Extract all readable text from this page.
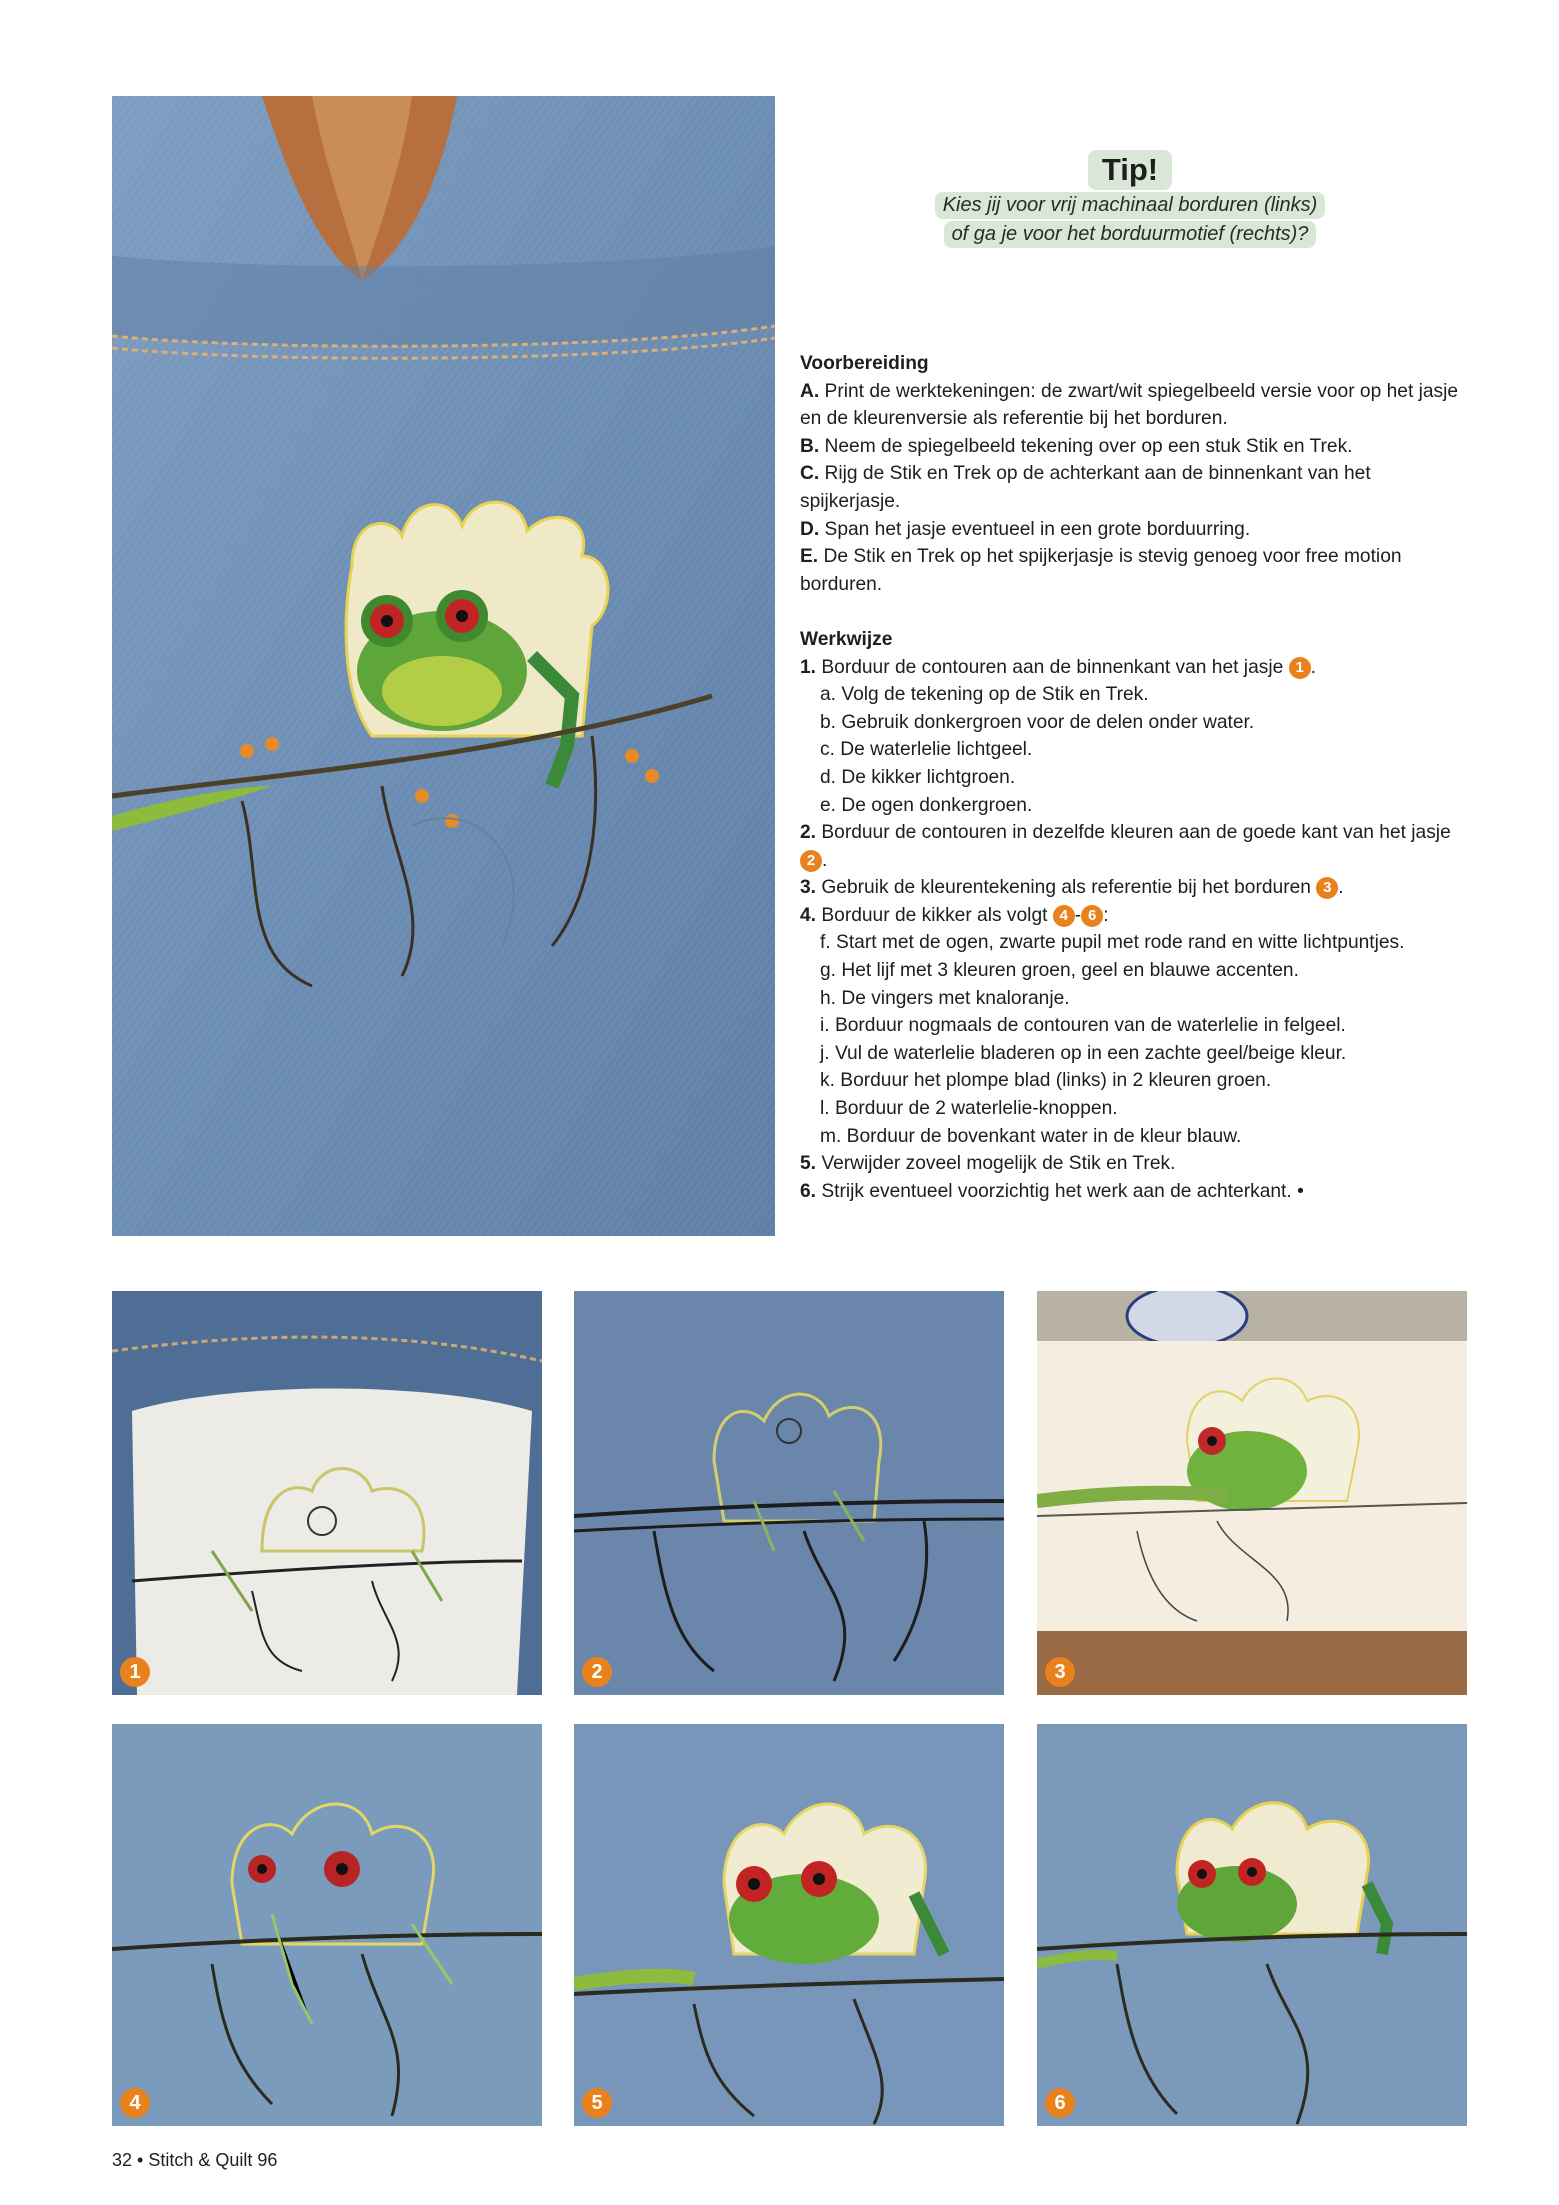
Tip!
Kies jij voor vrij machinaal borduren (links)
of ga je voor het borduurmotief (rechts)?

Voorbereiding

A. Print de werktekeningen: de zwart/wit spiegelbeeld versie voor op het jasje en de kleurenversie als referentie bij het borduren.

B. Neem de spiegelbeeld tekening over op een stuk Stik en Trek.

C. Rijg de Stik en Trek op de achterkant aan de binnenkant van het spijkerjasje.

D. Span het jasje eventueel in een grote borduurring.

E. De Stik en Trek op het spijkerjasje is stevig genoeg voor free motion borduren.

Werkwijze

1. Borduur de contouren aan de binnenkant van het jasje 1 .

a. Volg de tekening op de Stik en Trek.

b. Gebruik donkergroen voor de delen onder water.

c. De waterlelie lichtgeel.

d. De kikker lichtgroen.

e. De ogen donkergroen.

2. Borduur de contouren in dezelfde kleuren aan de goede kant van het jasje 2 .

3. Gebruik de kleurentekening als referentie bij het borduren 3 .

4. Borduur de kikker als volgt 4 - 6 :

f. Start met de ogen, zwarte pupil met rode rand en witte lichtpuntjes.

g. Het lijf met 3 kleuren groen, geel en blauwe accenten.

h. De vingers met knaloranje.

i. Borduur nogmaals de contouren van de waterlelie in felgeel.

j. Vul de waterlelie bladeren op in een zachte geel/beige kleur.

k. Borduur het plompe blad (links) in 2 kleuren groen.

l. Borduur de 2 waterlelie-knoppen.

m. Borduur de bovenkant water in de kleur blauw.

5. Verwijder zoveel mogelijk de Stik en Trek.

6. Strijk eventueel voorzichtig het werk aan de achterkant. •

1	2	3
4	5	6
32 • Stitch & Quilt 96
